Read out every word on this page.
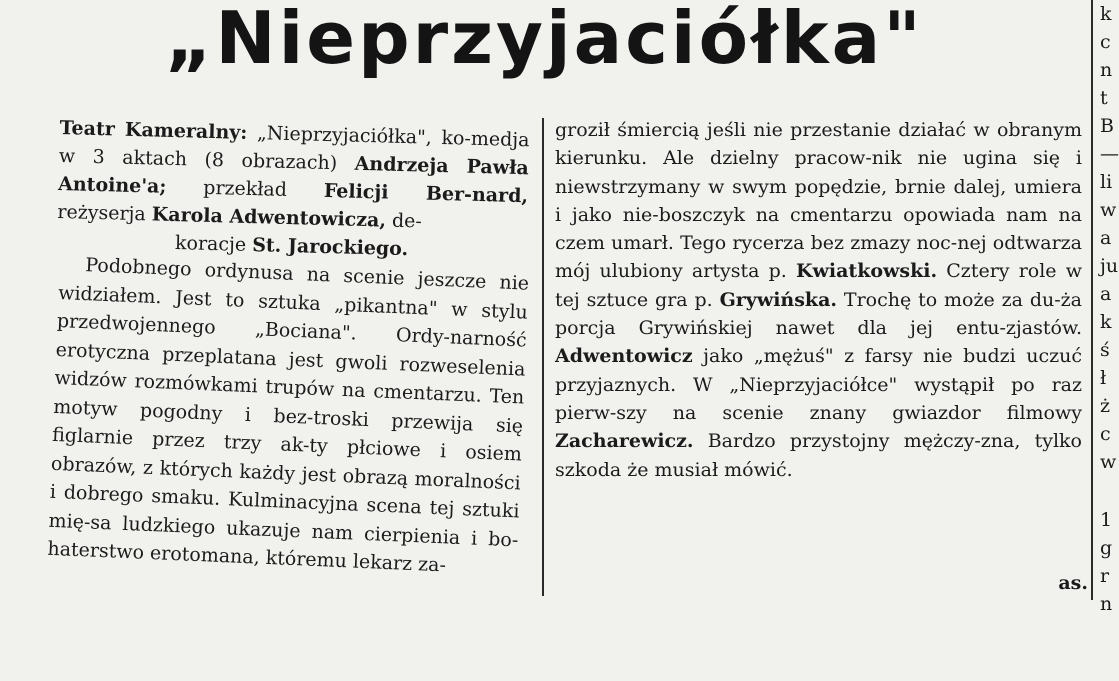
„Nieprzyjaciółka"
Teatr Kameralny: „Nieprzyjaciółka", ko-medja w 3 aktach (8 obrazach) Andrzeja Pawła Antoine'a; przekład Felicji Ber-nard, reżyserja Karola Adwentowicza, de-
koracje St. Jarockiego.
Podobnego ordynusa na scenie jeszcze nie widziałem. Jest to sztuka „pikantna" w stylu przedwojennego „Bociana". Ordy-narność erotyczna przeplatana jest gwoli rozweselenia widzów rozmówkami trupów na cmentarzu. Ten motyw pogodny i bez-troski przewija się figlarnie przez trzy ak-ty płciowe i osiem obrazów, z których każdy jest obrazą moralności i dobrego smaku. Kulminacyjna scena tej sztuki mię-sa ludzkiego ukazuje nam cierpienia i bo-haterstwo erotomana, któremu lekarz za-
groził śmiercią jeśli nie przestanie działać w obranym kierunku. Ale dzielny pracow-nik nie ugina się i niewstrzymany w swym popędzie, brnie dalej, umiera i jako nie-boszczyk na cmentarzu opowiada nam na czem umarł. Tego rycerza bez zmazy noc-nej odtwarza mój ulubiony artysta p. Kwiatkowski. Cztery role w tej sztuce gra p. Grywińska. Trochę to może za du-ża porcja Grywińskiej nawet dla jej entu-zjastów. Adwentowicz jako „mężuś" z farsy nie budzi uczuć przyjaznych. W „Nieprzyjaciółce" wystąpił po raz pierw-szy na scenie znany gwiazdor filmowy Zacharewicz. Bardzo przystojny mężczy-zna, tylko szkoda że musiał mówić.
as.
k
c
n
t
B
—
li
w
a
ju
a
k
ś
ł
ż
c
w
1
g
r
n
